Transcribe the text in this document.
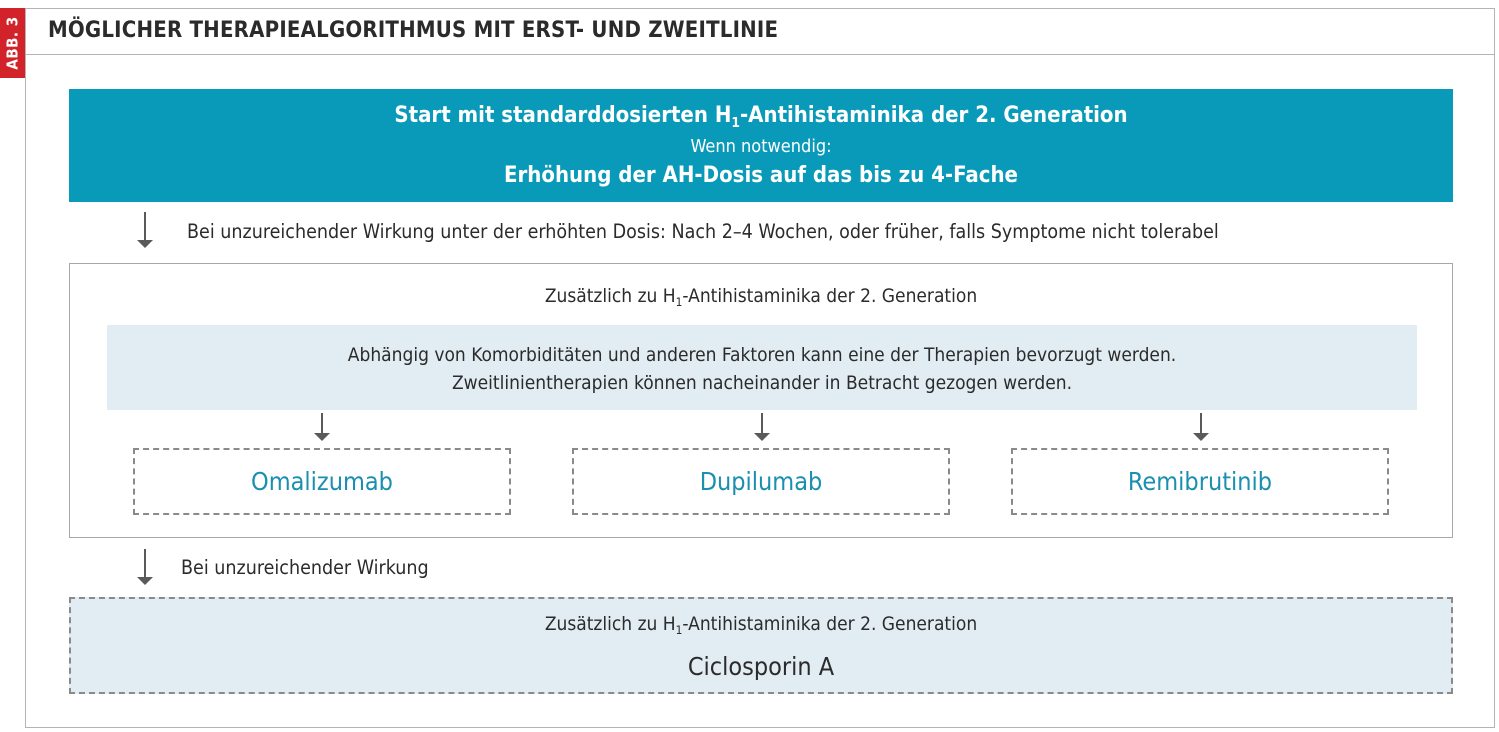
ABB. 3 MÖGLICHER THERAPIEALGORITHMUS MIT ERST- UND ZWEITLINIE
Start mit standarddosierten $H_1$-Antihistaminika der 2. Generation
Wenn notwendig:
Erhöhung der AH-Dosis auf das bis zu 4-Fache
Bei unzureichender Wirkung unter der erhöhten Dosis: Nach 2–4 Wochen, oder früher, falls Symptome nicht tolerabel
Zusätzlich zu $H_1$-Antihistaminika der 2. Generation
Abhängig von Komorbiditäten und anderen Faktoren kann eine der Therapien bevorzugt werden.
Zweitlinientherapien können nacheinander in Betracht gezogen werden.
Omalizumab	Dupilumab	Remibrutinib
Bei unzureichender Wirkung
Zusätzlich zu $H_1$-Antihistaminika der 2. Generation
Ciclosporin A
